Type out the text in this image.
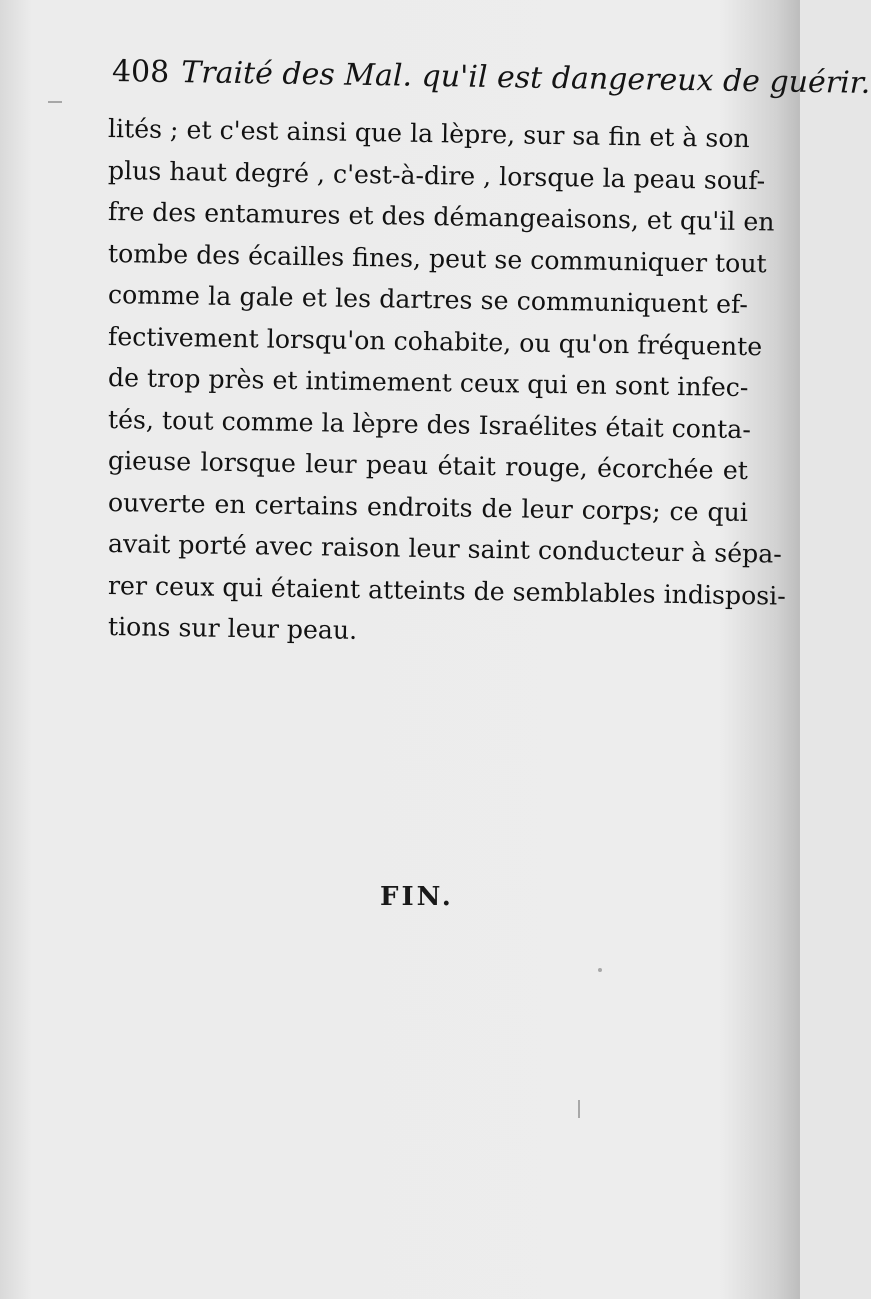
408 Traité des Mal. qu'il est dangereux de guérir.
lités ; et c'est ainsi que la lèpre, sur sa fin et à son
plus haut degré , c'est-à-dire , lorsque la peau souf-
fre des entamures et des démangeaisons, et qu'il en
tombe des écailles fines, peut se communiquer tout
comme la gale et les dartres se communiquent ef-
fectivement lorsqu'on cohabite, ou qu'on fréquente
de trop près et intimement ceux qui en sont infec-
tés, tout comme la lèpre des Israélites était conta-
gieuse lorsque leur peau était rouge, écorchée et
ouverte en certains endroits de leur corps; ce qui
avait porté avec raison leur saint conducteur à sépa-
rer ceux qui étaient atteints de semblables indisposi-
tions sur leur peau.
FIN.
